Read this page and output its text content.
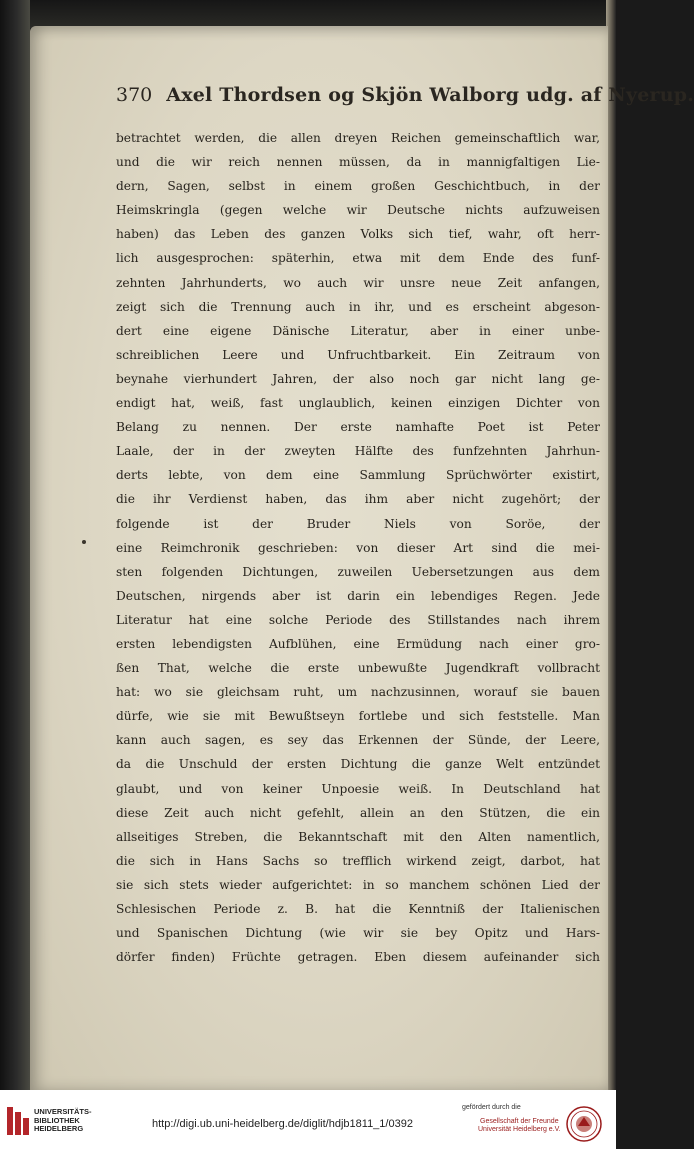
370 Axel Thordsen og Skjön Walborg udg. af Nyerup.
betrachtet werden, die allen dreyen Reichen gemeinschaftlich war,
und die wir reich nennen müssen, da in mannigfaltigen Lie-
dern, Sagen, selbst in einem großen Geschichtbuch, in der
Heimskringla (gegen welche wir Deutsche nichts aufzuweisen
haben) das Leben des ganzen Volks sich tief, wahr, oft herr-
lich ausgesprochen: späterhin, etwa mit dem Ende des funf-
zehnten Jahrhunderts, wo auch wir unsre neue Zeit anfangen,
zeigt sich die Trennung auch in ihr, und es erscheint abgeson-
dert eine eigene Dänische Literatur, aber in einer unbe-
schreiblichen Leere und Unfruchtbarkeit. Ein Zeitraum von
beynahe vierhundert Jahren, der also noch gar nicht lang ge-
endigt hat, weiß, fast unglaublich, keinen einzigen Dichter von
Belang zu nennen. Der erste namhafte Poet ist Peter
Laale, der in der zweyten Hälfte des funfzehnten Jahrhun-
derts lebte, von dem eine Sammlung Sprüchwörter existirt,
die ihr Verdienst haben, das ihm aber nicht zugehört; der
folgende ist der Bruder Niels von Soröe, der
eine Reimchronik geschrieben: von dieser Art sind die mei-
sten folgenden Dichtungen, zuweilen Uebersetzungen aus dem
Deutschen, nirgends aber ist darin ein lebendiges Regen. Jede
Literatur hat eine solche Periode des Stillstandes nach ihrem
ersten lebendigsten Aufblühen, eine Ermüdung nach einer gro-
ßen That, welche die erste unbewußte Jugendkraft vollbracht
hat: wo sie gleichsam ruht, um nachzusinnen, worauf sie bauen
dürfe, wie sie mit Bewußtseyn fortlebe und sich feststelle. Man
kann auch sagen, es sey das Erkennen der Sünde, der Leere,
da die Unschuld der ersten Dichtung die ganze Welt entzündet
glaubt, und von keiner Unpoesie weiß. In Deutschland hat
diese Zeit auch nicht gefehlt, allein an den Stützen, die ein
allseitiges Streben, die Bekanntschaft mit den Alten namentlich,
die sich in Hans Sachs so trefflich wirkend zeigt, darbot, hat
sie sich stets wieder aufgerichtet: in so manchem schönen Lied der
Schlesischen Periode z. B. hat die Kenntniß der Italienischen
und Spanischen Dichtung (wie wir sie bey Opitz und Hars-
dörfer finden) Früchte getragen. Eben diesem aufeinander sich
UNIVERSITÄTS-
BIBLIOTHEK
HEIDELBERG	http://digi.ub.uni-heidelberg.de/diglit/hdjb1811_1/0392
gefördert durch die
Gesellschaft der Freunde
Universität Heidelberg e.V.
